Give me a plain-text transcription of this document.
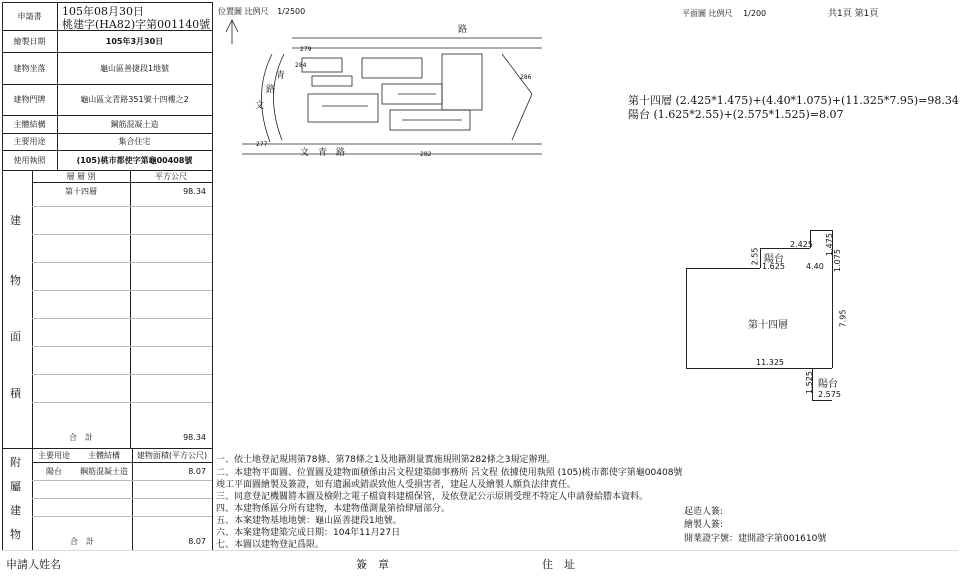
申請書	105年08月30日
桃建字(HA82)字第001140號
繪製日期	105年3月30日
建物坐落	龜山區善捷段1地號
建物門牌	龜山區文青路351號十四樓之2
主體結構	鋼筋混凝土造
主要用途	集合住宅
使用執照	(105)桃市都使字第龜00408號
層 層 別	平方公尺
第十四層	98.34
合　計	98.34
建
物
面
積
主要用途	主體結構	建物面積(平方公尺)
陽台	鋼筋混凝土造	8.07
合　計	8.07
附
屬
建
物
位置圖 比例尺 1/2500	平面圖 比例尺 1/200	共1頁 第1頁
路
文　青　路
青
文
路
279
284
286
277
282
第十四層 (2.425*1.475)+(4.40*1.075)+(11.325*7.95)=98.34
陽台 (1.625*2.55)+(2.575*1.525)=8.07
第十四層
陽台
陽台
2.425 1.475
2.55	1.075
1.625	4.40
7.95
11.325
1.525
2.575
一、依土地登記規則第78條、第78條之1及地籍測量實施規則第282條之3規定辦理。
二、本建物平面圖、位置圖及建物面積係由呂文程建築師事務所 呂文程 依據使用執照 (105)桃市都使字第龜00408號
竣工平面圖繪製及簽證，如有遺漏或錯誤致他人受損害者，建起人及繪製人願負法律責任。
三、同意登記機關將本圖及檢附之電子檔資料建檔保管，及依登記公示原則受理不特定人申請發給謄本資料。
四、本建物係區分所有建物，本建物僅測量第拾肆層部分。
五、本案建物基地地號：龜山區善捷段1地號。
六、本案建物建築完成日期：104年11月27日
七、本圖以建物登記爲限。
起造人簽:
繪製人簽:
開業證字號：建開證字第001610號
申請人姓名	簽　章	住　址
